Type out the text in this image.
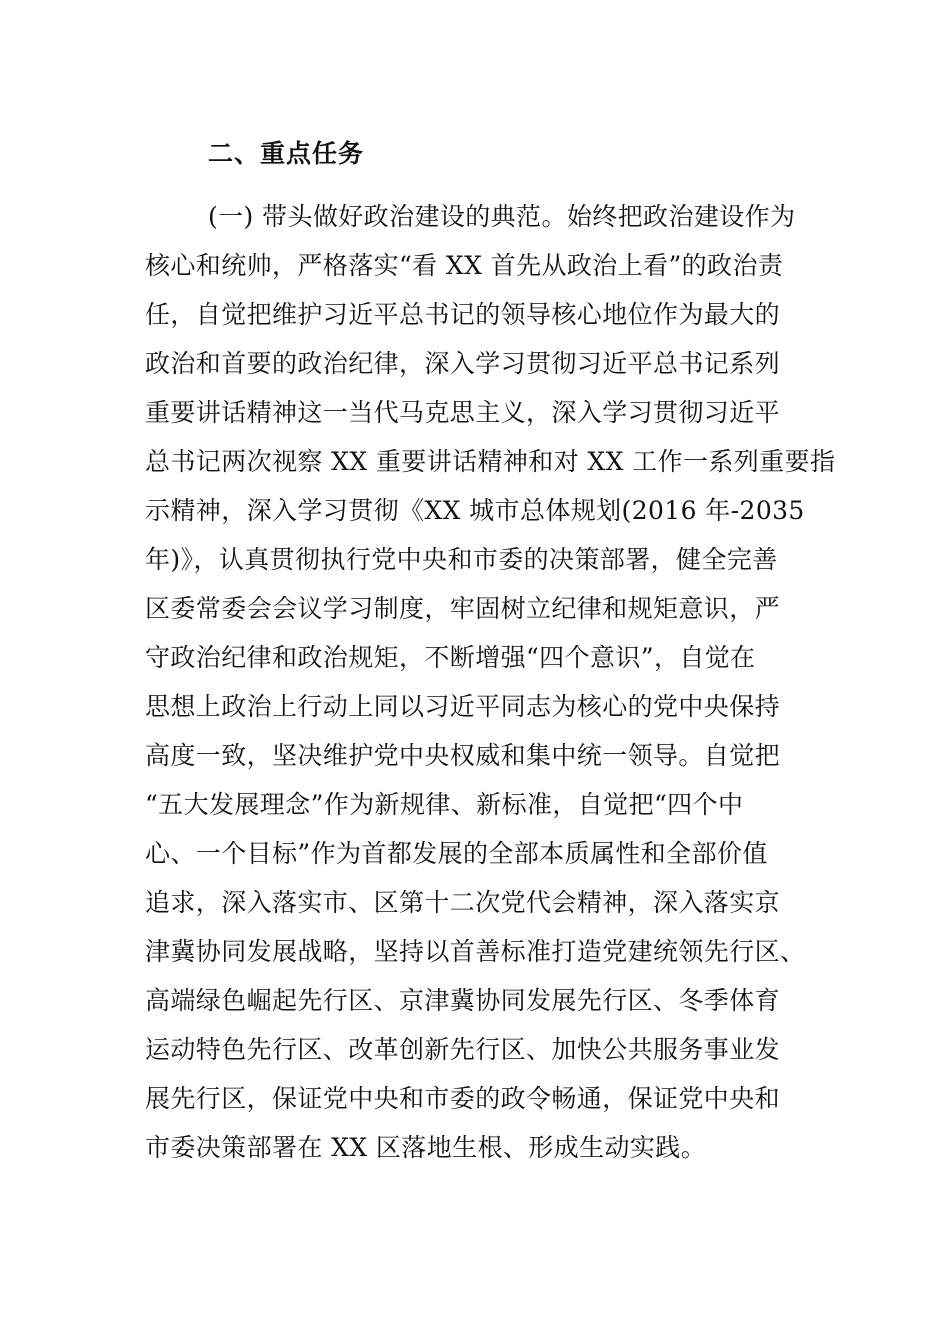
二、重点任务
(一) 带头做好政治建设的典范。始终把政治建设作为
核心和统帅，严格落实“看 XX 首先从政治上看”的政治责
任，自觉把维护习近平总书记的领导核心地位作为最大的
政治和首要的政治纪律，深入学习贯彻习近平总书记系列
重要讲话精神这一当代马克思主义，深入学习贯彻习近平
总书记两次视察 XX 重要讲话精神和对 XX 工作一系列重要指
示精神，深入学习贯彻《XX 城市总体规划(2016 年-2035
年)》，认真贯彻执行党中央和市委的决策部署，健全完善
区委常委会会议学习制度，牢固树立纪律和规矩意识，严
守政治纪律和政治规矩，不断增强“四个意识”，自觉在
思想上政治上行动上同以习近平同志为核心的党中央保持
高度一致，坚决维护党中央权威和集中统一领导。自觉把
“五大发展理念”作为新规律、新标准，自觉把“四个中
心、一个目标”作为首都发展的全部本质属性和全部价值
追求，深入落实市、区第十二次党代会精神，深入落实京
津冀协同发展战略，坚持以首善标准打造党建统领先行区、
高端绿色崛起先行区、京津冀协同发展先行区、冬季体育
运动特色先行区、改革创新先行区、加快公共服务事业发
展先行区，保证党中央和市委的政令畅通，保证党中央和
市委决策部署在 XX 区落地生根、形成生动实践。
